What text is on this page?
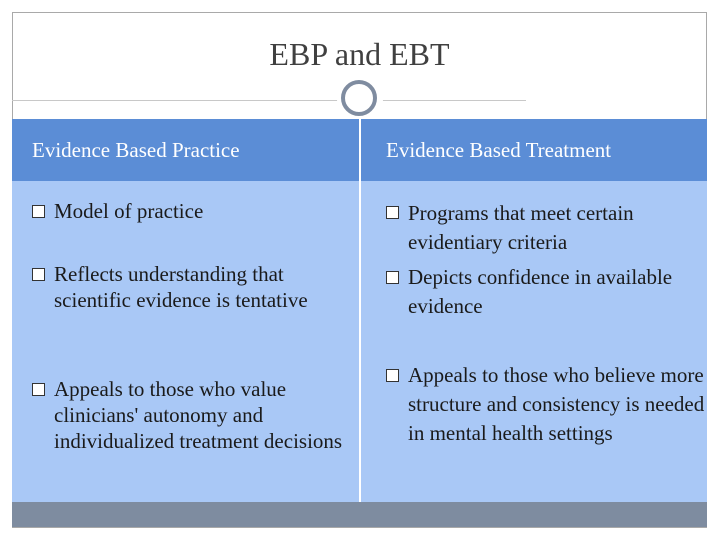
EBP and EBT
Evidence Based Practice	Evidence Based Treatment
Model of practice
Reflects understanding that scientific evidence is tentative
Appeals to those who value clinicians' autonomy and individualized treatment decisions
Programs that meet certain evidentiary criteria
Depicts confidence in available evidence
Appeals to those who believe more structure and consistency is needed in mental health settings
